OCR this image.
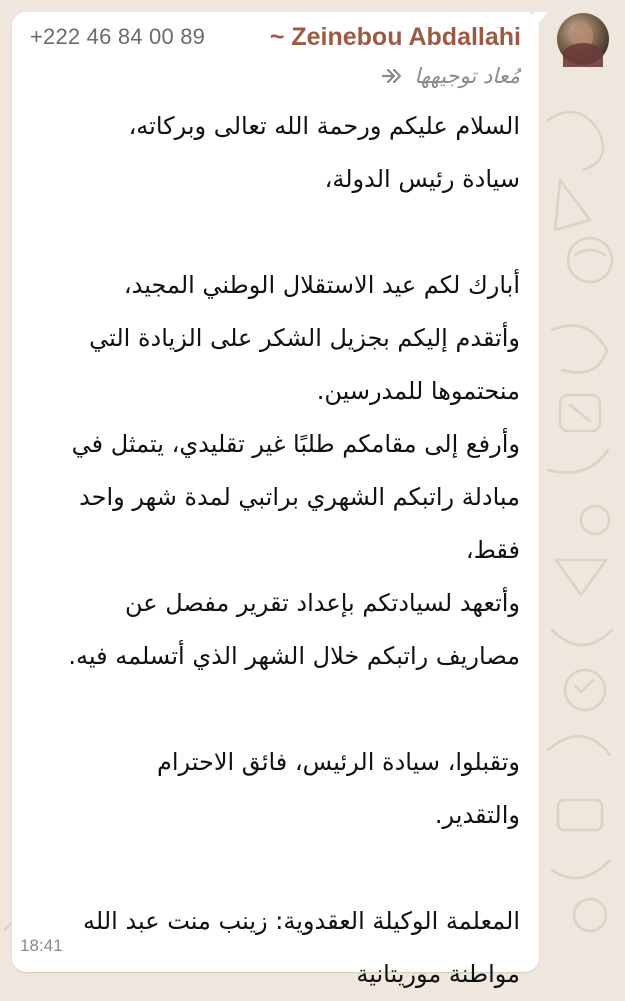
+222 46 84 00 89	~ Zeinebou Abdallahi
مُعاد توجيهها
السلام عليكم ورحمة الله تعالى وبركاته،
سيادة رئيس الدولة،
أبارك لكم عيد الاستقلال الوطني المجيد،
وأتقدم إليكم بجزيل الشكر على الزيادة التي
منحتموها للمدرسين.
وأرفع إلى مقامكم طلبًا غير تقليدي، يتمثل في
مبادلة راتبكم الشهري براتبي لمدة شهر واحد
فقط،
وأتعهد لسيادتكم بإعداد تقرير مفصل عن
مصاريف راتبكم خلال الشهر الذي أتسلمه فيه.
وتقبلوا، سيادة الرئيس، فائق الاحترام
والتقدير.
المعلمة الوكيلة العقدوية: زينب منت عبد الله
مواطنة موريتانية
18:41
